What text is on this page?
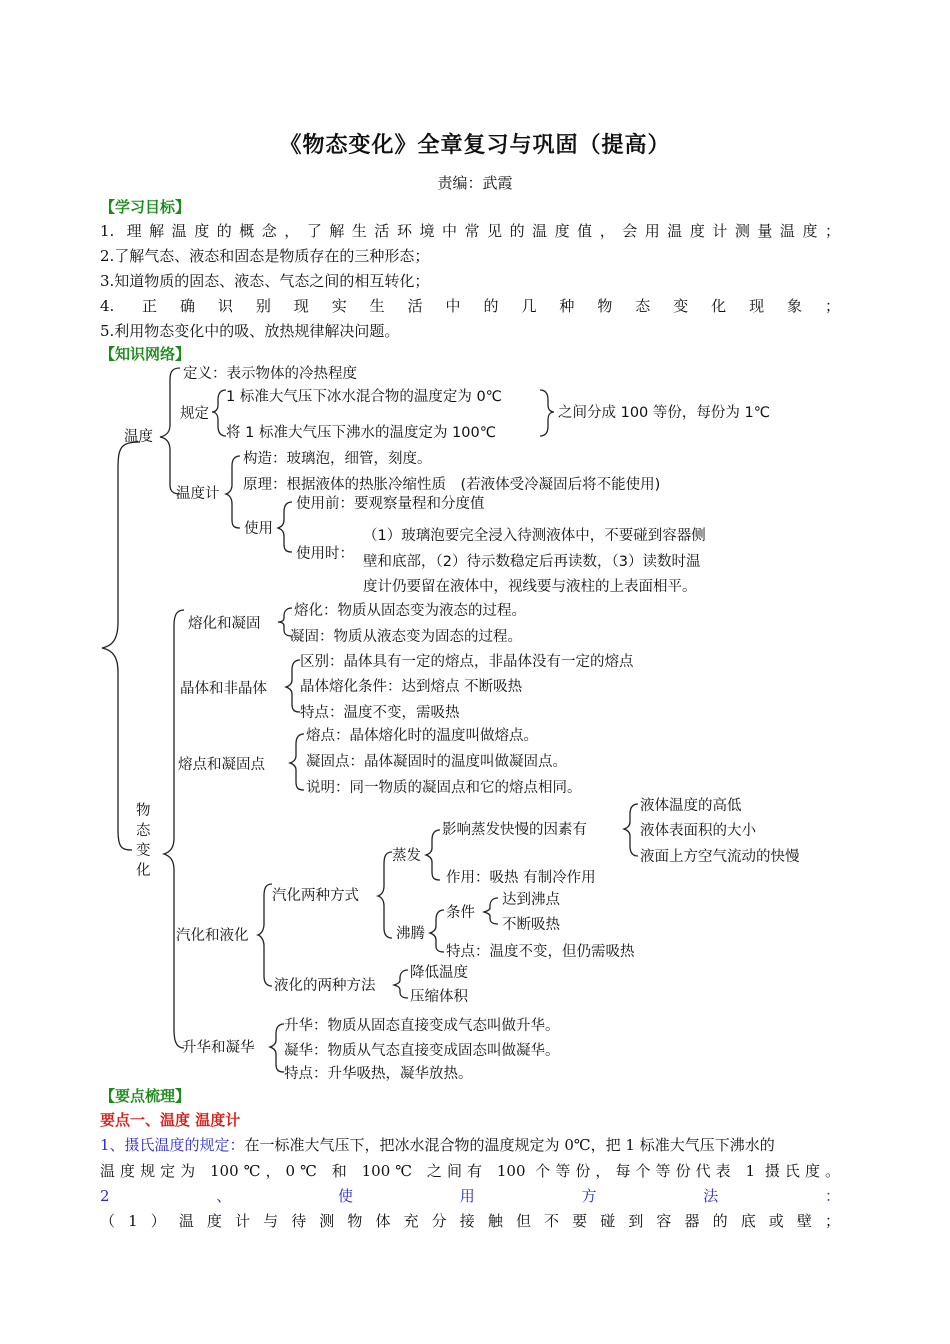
《物态变化》全章复习与巩固（提高）
责编：武霞
【学习目标】
1. 理解温度的概念，了解生活环境中常见的温度值，会用温度计测量温度；
2.了解气态、液态和固态是物质存在的三种形态；
3.知道物质的固态、液态、气态之间的相互转化；
4. 正确识别现实生活中的几种物态变化现象；
5.利用物态变化中的吸、放热规律解决问题。
【知识网络】
温度
定义：表示物体的冷热程度
规定
1 标准大气压下冰水混合物的温度定为 0℃
将 1 标准大气压下沸水的温度定为 100℃
之间分成 100 等份，每份为 1℃
温度计
构造：玻璃泡，细管，刻度。
原理：根据液体的热胀冷缩性质　(若液体受冷凝固后将不能使用)
使用
使用前：要观察量程和分度值
使用时：
（1）玻璃泡要完全浸入待测液体中，不要碰到容器侧
壁和底部，（2）待示数稳定后再读数，（3）读数时温
度计仍要留在液体中，视线要与液柱的上表面相平。
物
态
变
化
熔化和凝固
熔化：物质从固态变为液态的过程。
凝固：物质从液态变为固态的过程。
晶体和非晶体
区别：晶体具有一定的熔点，非晶体没有一定的熔点
晶体熔化条件：达到熔点 不断吸热
特点：温度不变，需吸热
熔点和凝固点
熔点：晶体熔化时的温度叫做熔点。
凝固点：晶体凝固时的温度叫做凝固点。
说明：同一物质的凝固点和它的熔点相同。
汽化和液化
汽化两种方式
蒸发
影响蒸发快慢的因素有
液体温度的高低
液体表面积的大小
液面上方空气流动的快慢
作用：吸热 有制冷作用
沸腾
条件
达到沸点
不断吸热
特点：温度不变，但仍需吸热
液化的两种方法
降低温度
压缩体积
升华和凝华
升华：物质从固态直接变成气态叫做升华。
凝华：物质从气态直接变成固态叫做凝华。
特点：升华吸热，凝华放热。
【要点梳理】
要点一、温度 温度计
1、摄氏温度的规定：在一标准大气压下，把冰水混合物的温度规定为 0℃，把 1 标准大气压下沸水的
温度规定为 100℃，0℃ 和 100℃ 之间有 100 个等份，每个等份代表 1 摄氏度。
2、使用方法：
（1）温度计与待测物体充分接触但不要碰到容器的底或壁；
